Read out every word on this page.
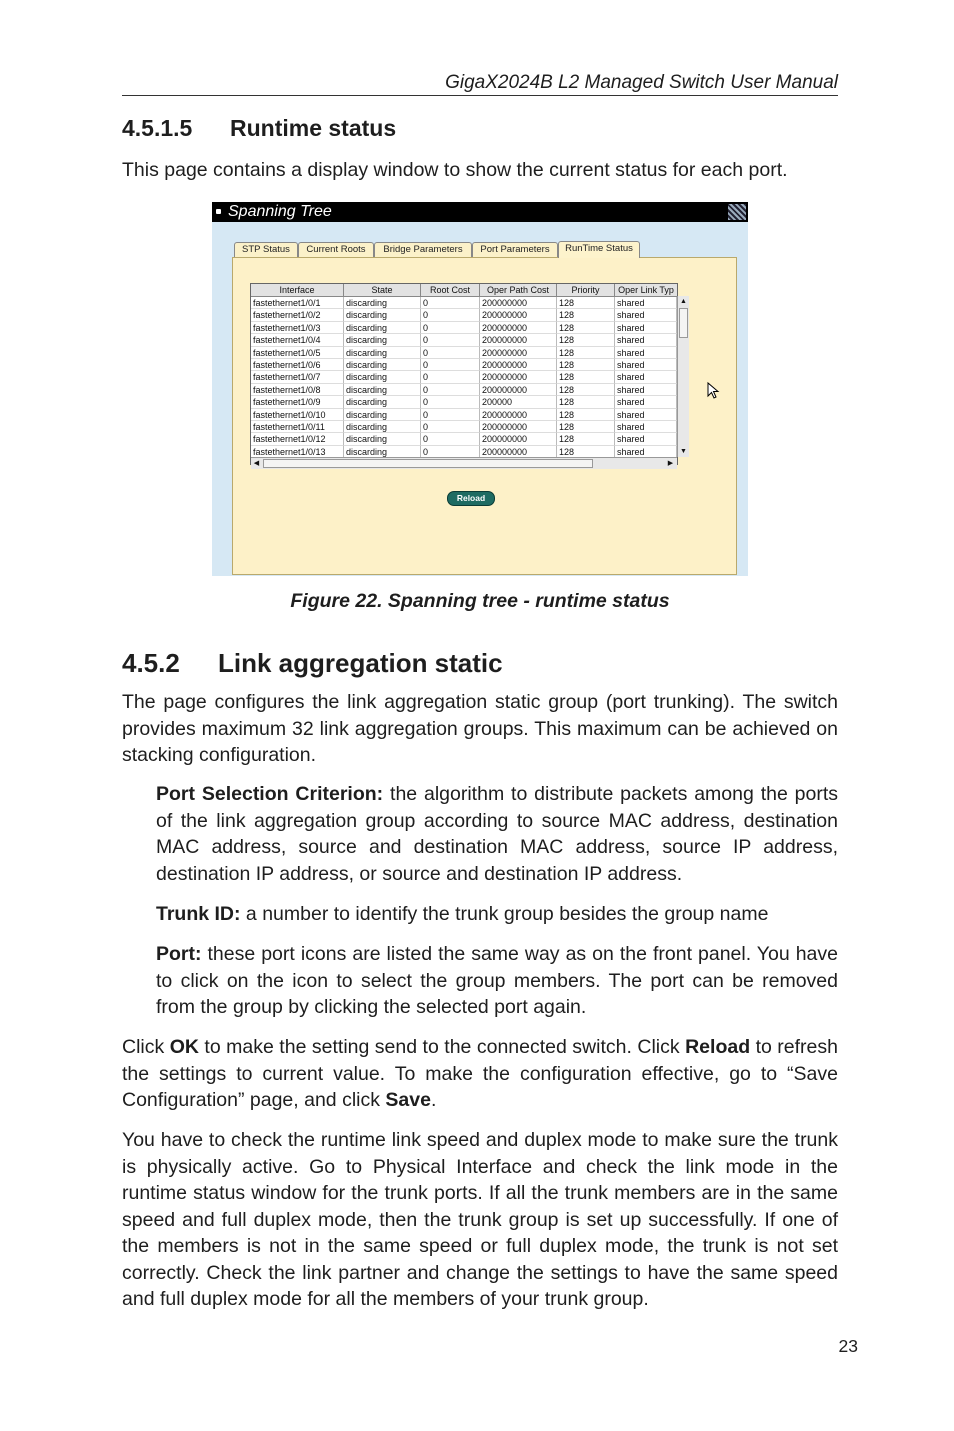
GigaX2024B L2 Managed Switch User Manual
4.5.1.5 Runtime status

This page contains a display window to show the current status for each port.

Spanning Tree
STP Status	Current Roots	Bridge Parameters	Port Parameters	RunTime Status
Interface	State	Root Cost	Oper Path Cost	Priority	Oper Link Typ
fastethernet1/0/1	discarding	0	200000000	128	shared
fastethernet1/0/2	discarding	0	200000000	128	shared
fastethernet1/0/3	discarding	0	200000000	128	shared
fastethernet1/0/4	discarding	0	200000000	128	shared
fastethernet1/0/5	discarding	0	200000000	128	shared
fastethernet1/0/6	discarding	0	200000000	128	shared
fastethernet1/0/7	discarding	0	200000000	128	shared
fastethernet1/0/8	discarding	0	200000000	128	shared
fastethernet1/0/9	discarding	0	200000	128	shared
fastethernet1/0/10	discarding	0	200000000	128	shared
fastethernet1/0/11	discarding	0	200000000	128	shared
fastethernet1/0/12	discarding	0	200000000	128	shared
fastethernet1/0/13	discarding	0	200000000	128	shared
▲
▼
◀	▶
Reload
Figure 22. Spanning tree - runtime status
4.5.2 Link aggregation static

The page configures the link aggregation static group (port trunking). The switch provides maximum 32 link aggregation groups. This maximum can be achieved on stacking configuration.

Port Selection Criterion: the algorithm to distribute packets among the ports of the link aggregation group according to source MAC address, destination MAC address, source and destination MAC address, source IP address, destination IP address, or source and destination IP address.

Trunk ID: a number to identify the trunk group besides the group name

Port: these port icons are listed the same way as on the front panel. You have to click on the icon to select the group members. The port can be removed from the group by clicking the selected port again.

Click OK to make the setting send to the connected switch. Click Reload to refresh the settings to current value. To make the configuration effective, go to “Save Configuration” page, and click Save.

You have to check the runtime link speed and duplex mode to make sure the trunk is physically active. Go to Physical Interface and check the link mode in the runtime status window for the trunk ports. If all the trunk members are in the same speed and full duplex mode, then the trunk group is set up successfully. If one of the members is not in the same speed or full duplex mode, the trunk is not set correctly. Check the link partner and change the settings to have the same speed and full duplex mode for all the members of your trunk group.

23
